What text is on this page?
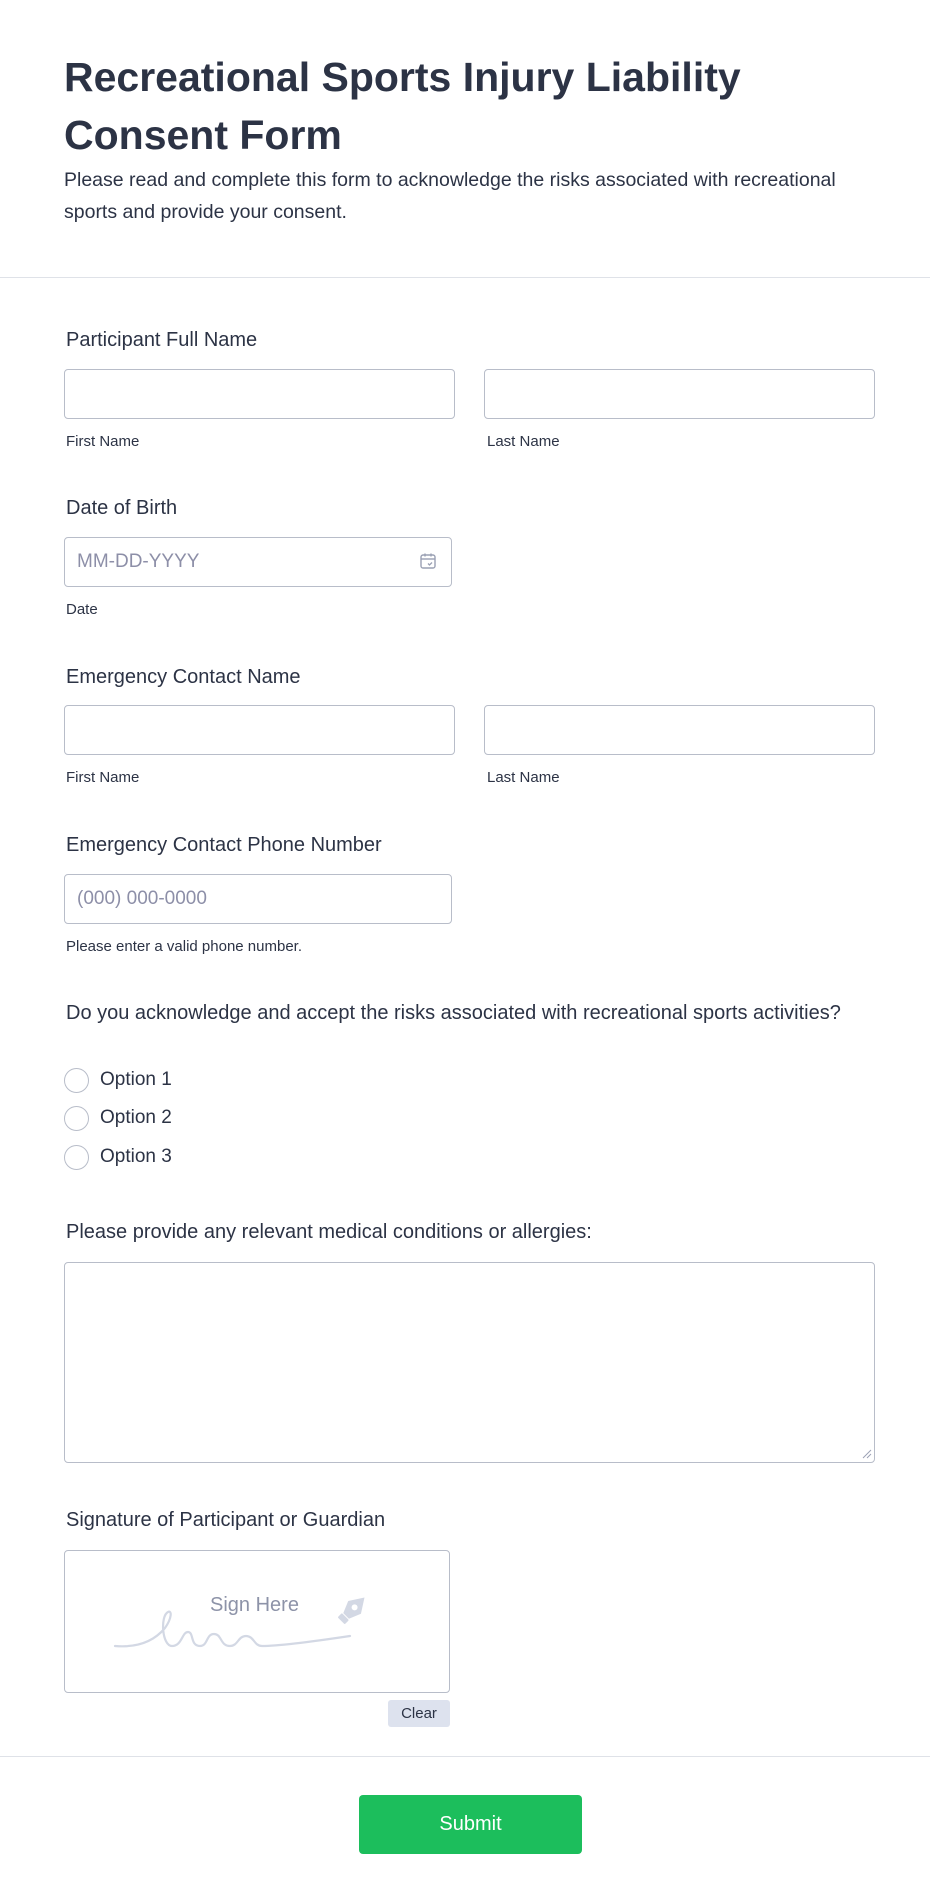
Recreational Sports Injury Liability Consent Form

Please read and complete this form to acknowledge the risks associated with recreational sports and provide your consent.

Participant Full Name
First Name	Last Name
Date of Birth
MM-DD-YYYY
Date
Emergency Contact Name
First Name	Last Name
Emergency Contact Phone Number
(000) 000-0000
Please enter a valid phone number.
Do you acknowledge and accept the risks associated with recreational sports activities?
Option 1
Option 2
Option 3
Please provide any relevant medical conditions or allergies:
Signature of Participant or Guardian
Sign Here
Clear
Submit
